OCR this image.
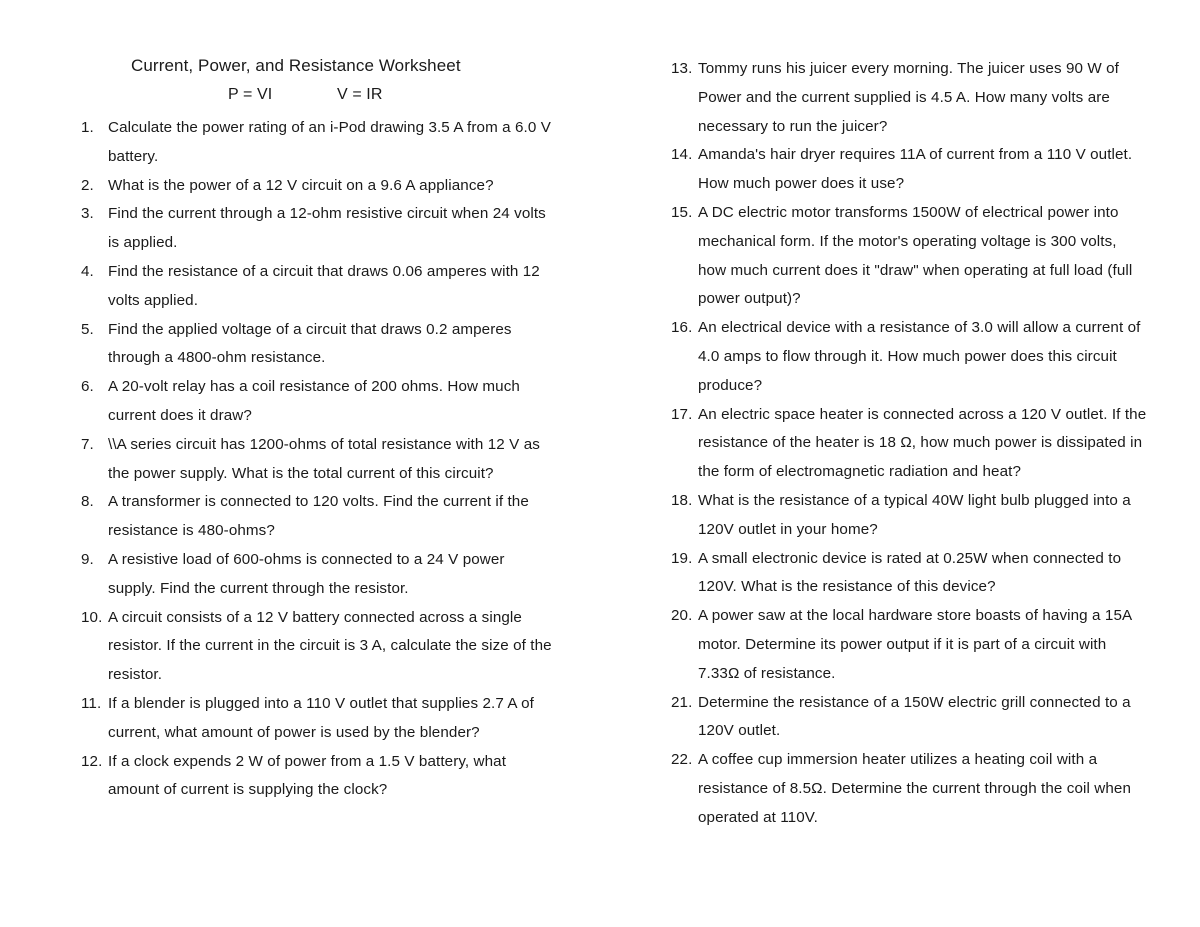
Current, Power, and Resistance Worksheet
P = VI	V = IR
1. Calculate the power rating of an i-Pod drawing 3.5 A from a 6.0 V battery.
2. What is the power of a 12 V circuit on a 9.6 A appliance?
3. Find the current through a 12-ohm resistive circuit when 24 volts is applied.
4. Find the resistance of a circuit that draws 0.06 amperes with 12 volts applied.
5. Find the applied voltage of a circuit that draws 0.2 amperes through a 4800-ohm resistance.
6. A 20-volt relay has a coil resistance of 200 ohms. How much current does it draw?
7. \\A series circuit has 1200-ohms of total resistance with 12 V as the power supply. What is the total current of this circuit?
8. A transformer is connected to 120 volts. Find the current if the resistance is 480-ohms?
9. A resistive load of 600-ohms is connected to a 24 V power supply. Find the current through the resistor.
10. A circuit consists of a 12 V battery connected across a single resistor. If the current in the circuit is 3 A, calculate the size of the resistor.
11. If a blender is plugged into a 110 V outlet that supplies 2.7 A of current, what amount of power is used by the blender?
12. If a clock expends 2 W of power from a 1.5 V battery, what amount of current is supplying the clock?
13. Tommy runs his juicer every morning. The juicer uses 90 W of Power and the current supplied is 4.5 A. How many volts are necessary to run the juicer?
14. Amanda's hair dryer requires 11A of current from a 110 V outlet. How much power does it use?
15. A DC electric motor transforms 1500W of electrical power into mechanical form. If the motor's operating voltage is 300 volts, how much current does it "draw" when operating at full load (full power output)?
16. An electrical device with a resistance of 3.0 will allow a current of 4.0 amps to flow through it. How much power does this circuit produce?
17. An electric space heater is connected across a 120 V outlet. If the resistance of the heater is 18 Ω, how much power is dissipated in the form of electromagnetic radiation and heat?
18. What is the resistance of a typical 40W light bulb plugged into a 120V outlet in your home?
19. A small electronic device is rated at 0.25W when connected to 120V. What is the resistance of this device?
20. A power saw at the local hardware store boasts of having a 15A motor. Determine its power output if it is part of a circuit with 7.33Ω of resistance.
21. Determine the resistance of a 150W electric grill connected to a 120V outlet.
22. A coffee cup immersion heater utilizes a heating coil with a resistance of 8.5Ω. Determine the current through the coil when operated at 110V.
